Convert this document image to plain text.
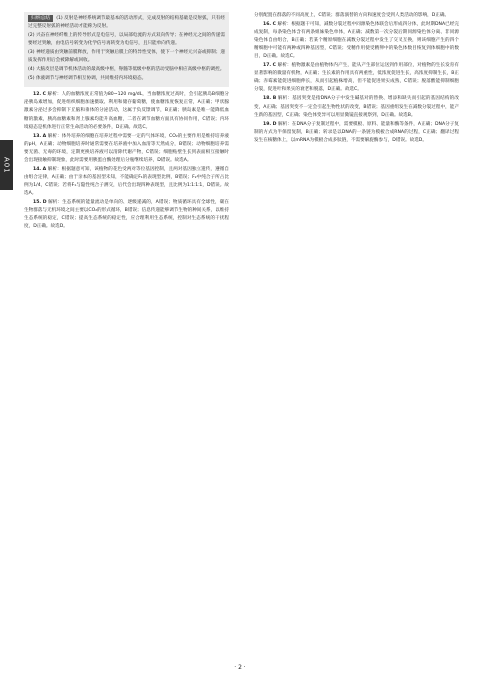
A01
归纳总结 (1) 反射是神经系统调节最基本的活动形式，完成反射的结构基础是反射弧，只有经过完整反射弧的神经活动才能称为反射。
(2) 兴奋在神经纤维上的传导形式是电信号，以局部电流的方式双向传导；在神经元之间的传递需要经过突触，由电信号转变为化学信号再转变为电信号，且只能单向传递。
(3) 神经递质由突触前膜释放，作用于突触后膜上的特异性受体，使下一个神经元兴奋或抑制；递质发挥作用后会被降解或回收。
(4) 大脑皮层是调节机体活动的最高级中枢，脊髓等低级中枢的活动受脑中相应高级中枢的调控。
(5) 体液调节与神经调节相互协调，共同维持内环境稳态。
12. C 解析：人的血糖浓度正常值为80~120 mg/dL，当血糖浓度过高时，会引起胰岛B细胞分泌胰岛素增加，促进组织细胞加速摄取、利用和储存葡萄糖，使血糖浓度恢复正常，A正确；甲状腺激素分泌过多会抑制下丘脑和垂体的分泌活动，这属于负反馈调节，B正确；胰岛素是唯一能降低血糖的激素，胰高血糖素和肾上腺素均能升高血糖，二者在调节血糖方面具有协同作用，C错误；内环境稳态是机体进行正常生命活动的必要条件，D正确。故选C。
13. A 解析：体外培养的细胞在培养过程中需要一定的气体环境，CO₂的主要作用是维持培养液的pH，A正确；动物细胞培养时通常需要在培养液中加入血清等天然成分，B错误；动物细胞培养需要无菌、无毒的环境，定期更换培养液可以清除代谢产物，C错误；细胞贴壁生长到表面相互接触时会出现接触抑制现象，此时需要用胰蛋白酶处理后分瓶继续培养，D错误。故选A。
14. A 解析：根据题意可知，该植物的花色受两对等位基因控制，且两对基因独立遗传，遵循自由组合定律，A正确；由于亲本的基因型未知，不能确定F₁的表现型比例，B错误；F₂中纯合子所占比例为1/4，C错误；若将F₁与隐性纯合子测交，后代会出现四种表现型，且比例为1∶1∶1∶1，D错误。故选A。
15. D 解析：生态系统的能量流动是单向的、逐级递减的，A错误；物质循环具有全球性，碳在生物群落与无机环境之间主要以CO₂的形式循环，B错误；信息传递能够调节生物的种间关系，以维持生态系统的稳定，C错误；提高生态系统的稳定性，应合理利用生态系统，控制对生态系统的干扰程度，D正确。故选D。
分别配置在群落的不同高度上，C错误；群落演替的方向和速度会受到人类活动的影响，D正确。
16. C 解析：根据题干可知，减数分裂过程中同源染色体联会后形成四分体，此时期DNA已经完成复制，每条染色体含有两条姐妹染色单体，A正确；减数第一次分裂后期同源染色体分离、非同源染色体自由组合，B正确；若某个精原细胞在减数分裂过程中发生了交叉互换，则该细胞产生的四个精细胞中可能有两种或四种基因型，C错误；受精作用使受精卵中的染色体数目恢复到体细胞中的数目，D正确。故选C。
17. C 解析：植物激素是由植物体内产生，能从产生部位运送到作用部位，对植物的生长发育有显著影响的微量有机物，A正确；生长素的作用具有两重性，低浓度促进生长，高浓度抑制生长，B正确；赤霉素能促进细胞伸长，从而引起植株增高，但不能促进果实成熟，C错误；脱落酸能抑制细胞分裂，促进叶和果实的衰老和脱落，D正确。故选C。
18. B 解析：基因突变是指DNA分子中发生碱基对的替换、增添和缺失而引起的基因结构的改变，A正确；基因突变不一定会引起生物性状的改变，B错误；基因重组发生在减数分裂过程中，能产生新的基因型，C正确；染色体变异可以用显微镜直接观察到，D正确。故选B。
19. D 解析：在DNA分子复制过程中，需要模板、原料、能量和酶等条件，A正确；DNA分子复制的方式为半保留复制，B正确；转录是以DNA的一条链为模板合成RNA的过程，C正确；翻译过程发生在核糖体上，以mRNA为模板合成多肽链，不需要解旋酶参与，D错误。故选D。
· 2 ·
